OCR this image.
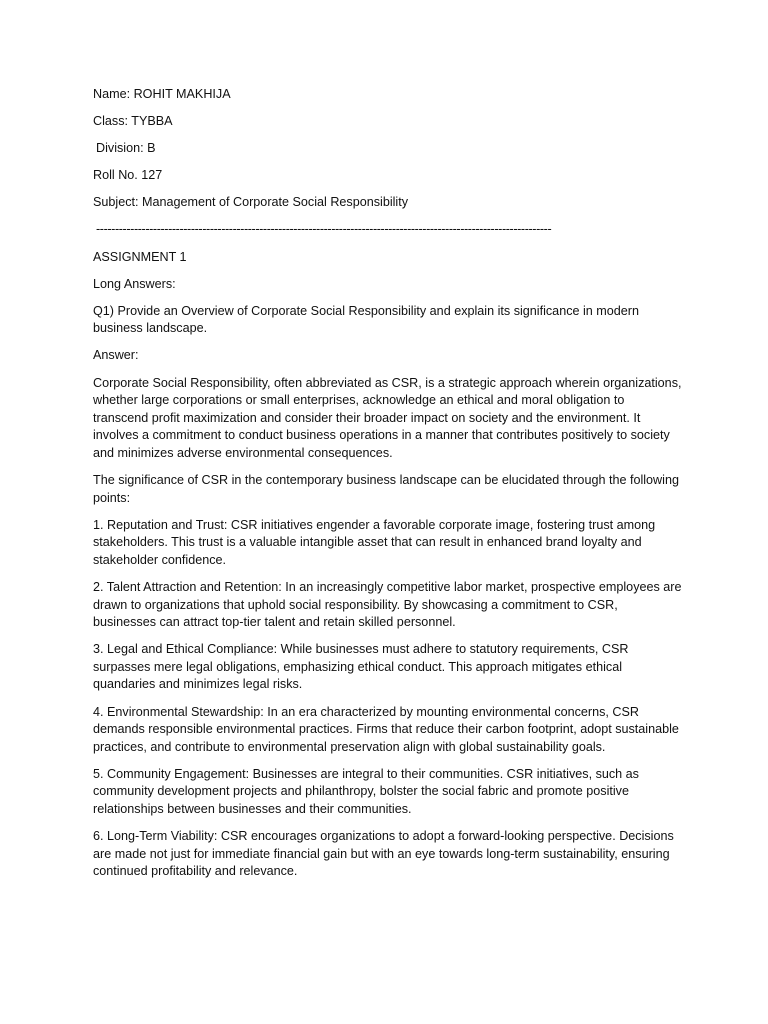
Name: ROHIT MAKHIJA

Class: TYBBA

Division: B

Roll No. 127

Subject: Management of Corporate Social Responsibility

------------------------------------------------------------------------------------------------------------------------

ASSIGNMENT 1

Long Answers:

Q1) Provide an Overview of Corporate Social Responsibility and explain its significance in modern business landscape.

Answer:

Corporate Social Responsibility, often abbreviated as CSR, is a strategic approach wherein organizations, whether large corporations or small enterprises, acknowledge an ethical and moral obligation to transcend profit maximization and consider their broader impact on society and the environment. It involves a commitment to conduct business operations in a manner that contributes positively to society and minimizes adverse environmental consequences.

The significance of CSR in the contemporary business landscape can be elucidated through the following points:

1. Reputation and Trust: CSR initiatives engender a favorable corporate image, fostering trust among stakeholders. This trust is a valuable intangible asset that can result in enhanced brand loyalty and stakeholder confidence.

2. Talent Attraction and Retention: In an increasingly competitive labor market, prospective employees are drawn to organizations that uphold social responsibility. By showcasing a commitment to CSR, businesses can attract top-tier talent and retain skilled personnel.

3. Legal and Ethical Compliance: While businesses must adhere to statutory requirements, CSR surpasses mere legal obligations, emphasizing ethical conduct. This approach mitigates ethical quandaries and minimizes legal risks.

4. Environmental Stewardship: In an era characterized by mounting environmental concerns, CSR demands responsible environmental practices. Firms that reduce their carbon footprint, adopt sustainable practices, and contribute to environmental preservation align with global sustainability goals.

5. Community Engagement: Businesses are integral to their communities. CSR initiatives, such as community development projects and philanthropy, bolster the social fabric and promote positive relationships between businesses and their communities.

6. Long-Term Viability: CSR encourages organizations to adopt a forward-looking perspective. Decisions are made not just for immediate financial gain but with an eye towards long-term sustainability, ensuring continued profitability and relevance.
